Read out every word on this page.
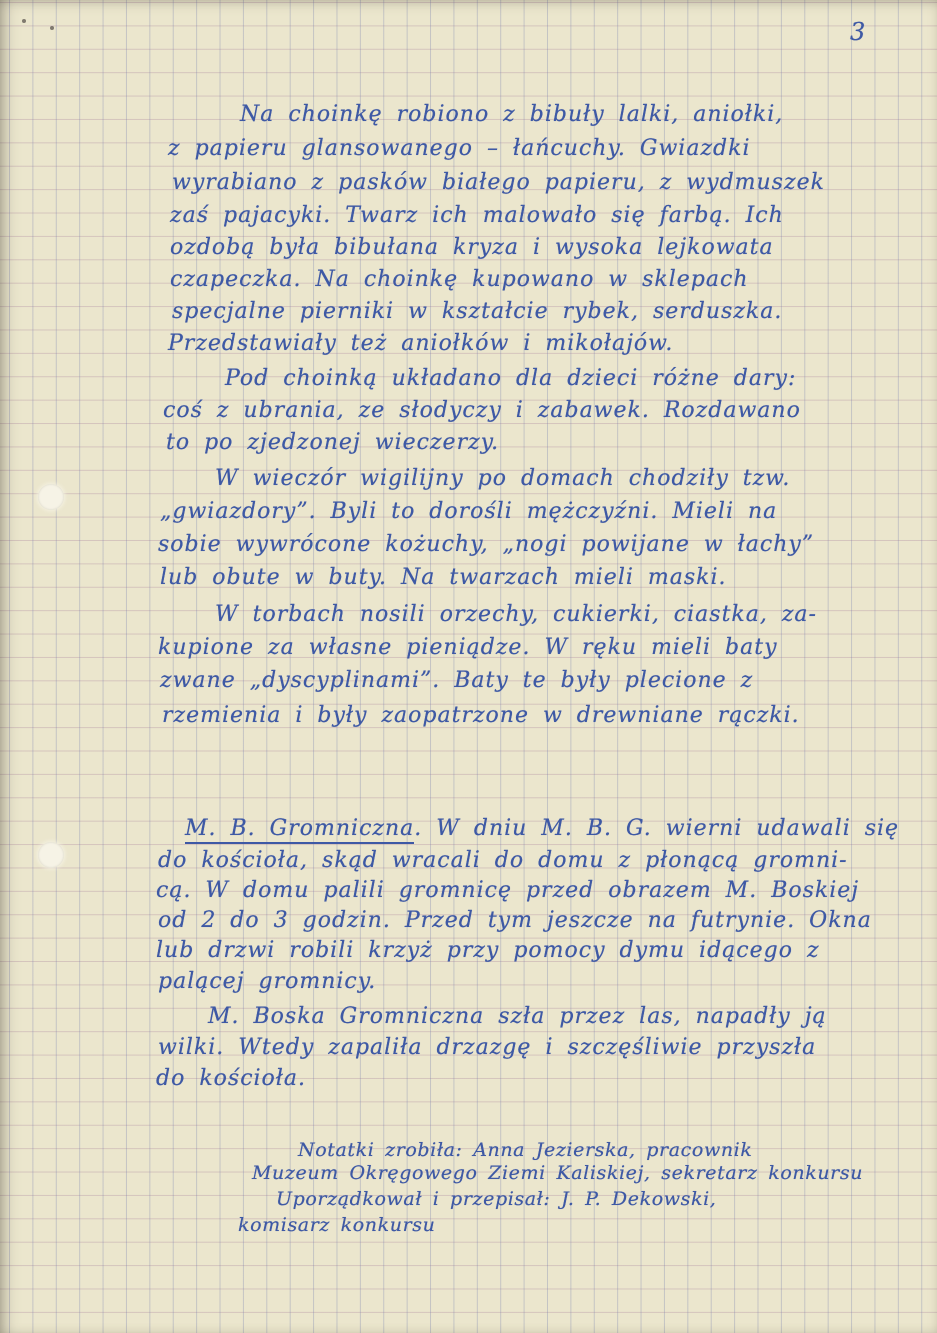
3
Na choinkę robiono z bibuły lalki, aniołki,
z papieru glansowanego – łańcuchy. Gwiazdki
wyrabiano z pasków białego papieru, z wydmuszek
zaś pajacyki. Twarz ich malowało się farbą. Ich
ozdobą była bibułana kryza i wysoka lejkowata
czapeczka. Na choinkę kupowano w sklepach
specjalne pierniki w kształcie rybek, serduszka.
Przedstawiały też aniołków i mikołajów.
Pod choinką układano dla dzieci różne dary:
coś z ubrania, ze słodyczy i zabawek. Rozdawano
to po zjedzonej wieczerzy.
W wieczór wigilijny po domach chodziły tzw.
„gwiazdory”. Byli to dorośli mężczyźni. Mieli na
sobie wywrócone kożuchy, „nogi powijane w łachy”
lub obute w buty. Na twarzach mieli maski.
W torbach nosili orzechy, cukierki, ciastka, za-
kupione za własne pieniądze. W ręku mieli baty
zwane „dyscyplinami”. Baty te były plecione z
rzemienia i były zaopatrzone w drewniane rączki.
M. B. Gromniczna. W dniu M. B. G. wierni udawali się
do kościoła, skąd wracali do domu z płonącą gromni-
cą. W domu palili gromnicę przed obrazem M. Boskiej
od 2 do 3 godzin. Przed tym jeszcze na futrynie. Okna
lub drzwi robili krzyż przy pomocy dymu idącego z
palącej gromnicy.
M. Boska Gromniczna szła przez las, napadły ją
wilki. Wtedy zapaliła drzazgę i szczęśliwie przyszła
do kościoła.
Notatki zrobiła: Anna Jezierska, pracownik
Muzeum Okręgowego Ziemi Kaliskiej, sekretarz konkursu
Uporządkował i przepisał: J. P. Dekowski,
komisarz konkursu
